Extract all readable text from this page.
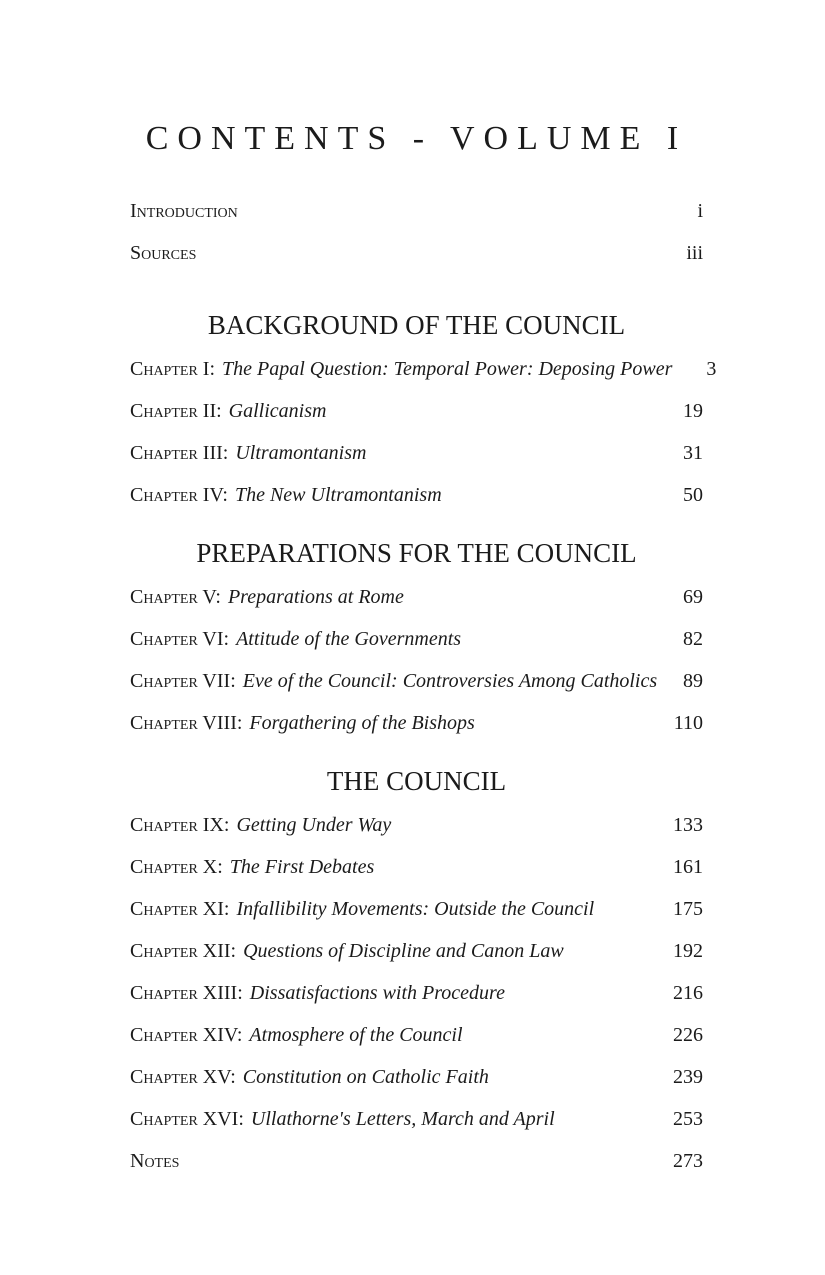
CONTENTS - VOLUME I
Introduction	i
Sources	iii
BACKGROUND OF THE COUNCIL
Chapter I: The Papal Question: Temporal Power: Deposing Power	3
Chapter II: Gallicanism	19
Chapter III: Ultramontanism	31
Chapter IV: The New Ultramontanism	50
PREPARATIONS FOR THE COUNCIL
Chapter V: Preparations at Rome	69
Chapter VI: Attitude of the Governments	82
Chapter VII: Eve of the Council: Controversies Among Catholics	89
Chapter VIII: Forgathering of the Bishops	110
THE COUNCIL
Chapter IX: Getting Under Way	133
Chapter X: The First Debates	161
Chapter XI: Infallibility Movements: Outside the Council	175
Chapter XII: Questions of Discipline and Canon Law	192
Chapter XIII: Dissatisfactions with Procedure	216
Chapter XIV: Atmosphere of the Council	226
Chapter XV: Constitution on Catholic Faith	239
Chapter XVI: Ullathorne's Letters, March and April	253
Notes	273
